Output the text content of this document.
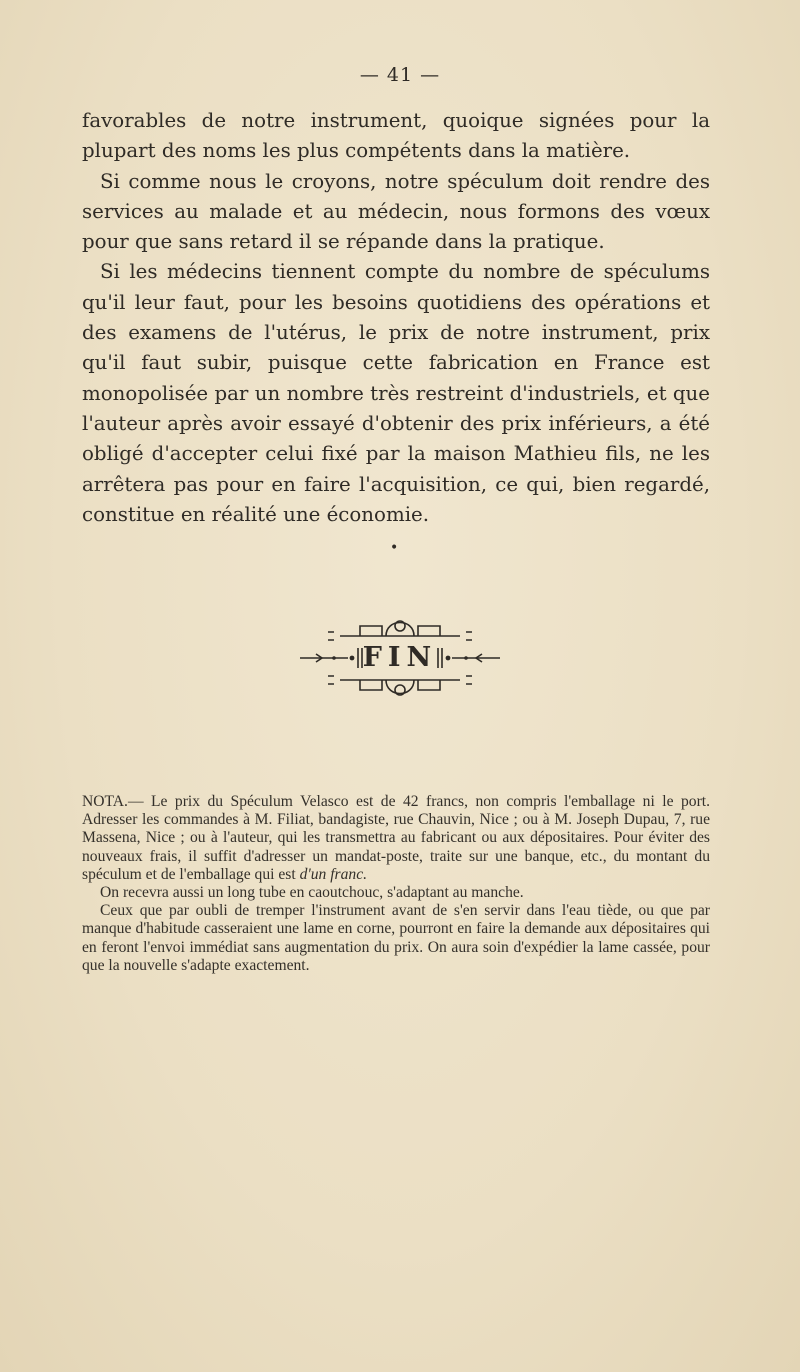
— 41 —

favorables de notre instrument, quoique signées pour la plupart des noms les plus compétents dans la matière.

Si comme nous le croyons, notre spéculum doit rendre des services au malade et au médecin, nous formons des vœux pour que sans retard il se répande dans la pratique.

Si les médecins tiennent compte du nombre de spéculums qu'il leur faut, pour les besoins quotidiens des opérations et des examens de l'utérus, le prix de notre instrument, prix qu'il faut subir, puisque cette fabrication en France est monopolisée par un nombre très restreint d'industriels, et que l'auteur après avoir essayé d'obtenir des prix inférieurs, a été obligé d'accepter celui fixé par la maison Mathieu fils, ne les arrêtera pas pour en faire l'acquisition, ce qui, bien regardé, constitue en réalité une économie.

•
FIN

NOTA.— Le prix du Spéculum Velasco est de 42 francs, non compris l'emballage ni le port. Adresser les commandes à M. Filiat, bandagiste, rue Chauvin, Nice ; ou à M. Joseph Dupau, 7, rue Massena, Nice ; ou à l'auteur, qui les transmettra au fabricant ou aux dépositaires. Pour éviter des nouveaux frais, il suffit d'adresser un mandat-poste, traite sur une banque, etc., du montant du spéculum et de l'emballage qui est d'un franc.

On recevra aussi un long tube en caoutchouc, s'adaptant au manche.

Ceux que par oubli de tremper l'instrument avant de s'en servir dans l'eau tiède, ou que par manque d'habitude casseraient une lame en corne, pourront en faire la demande aux dépositaires qui en feront l'envoi immédiat sans augmentation du prix. On aura soin d'expédier la lame cassée, pour que la nouvelle s'adapte exactement.
